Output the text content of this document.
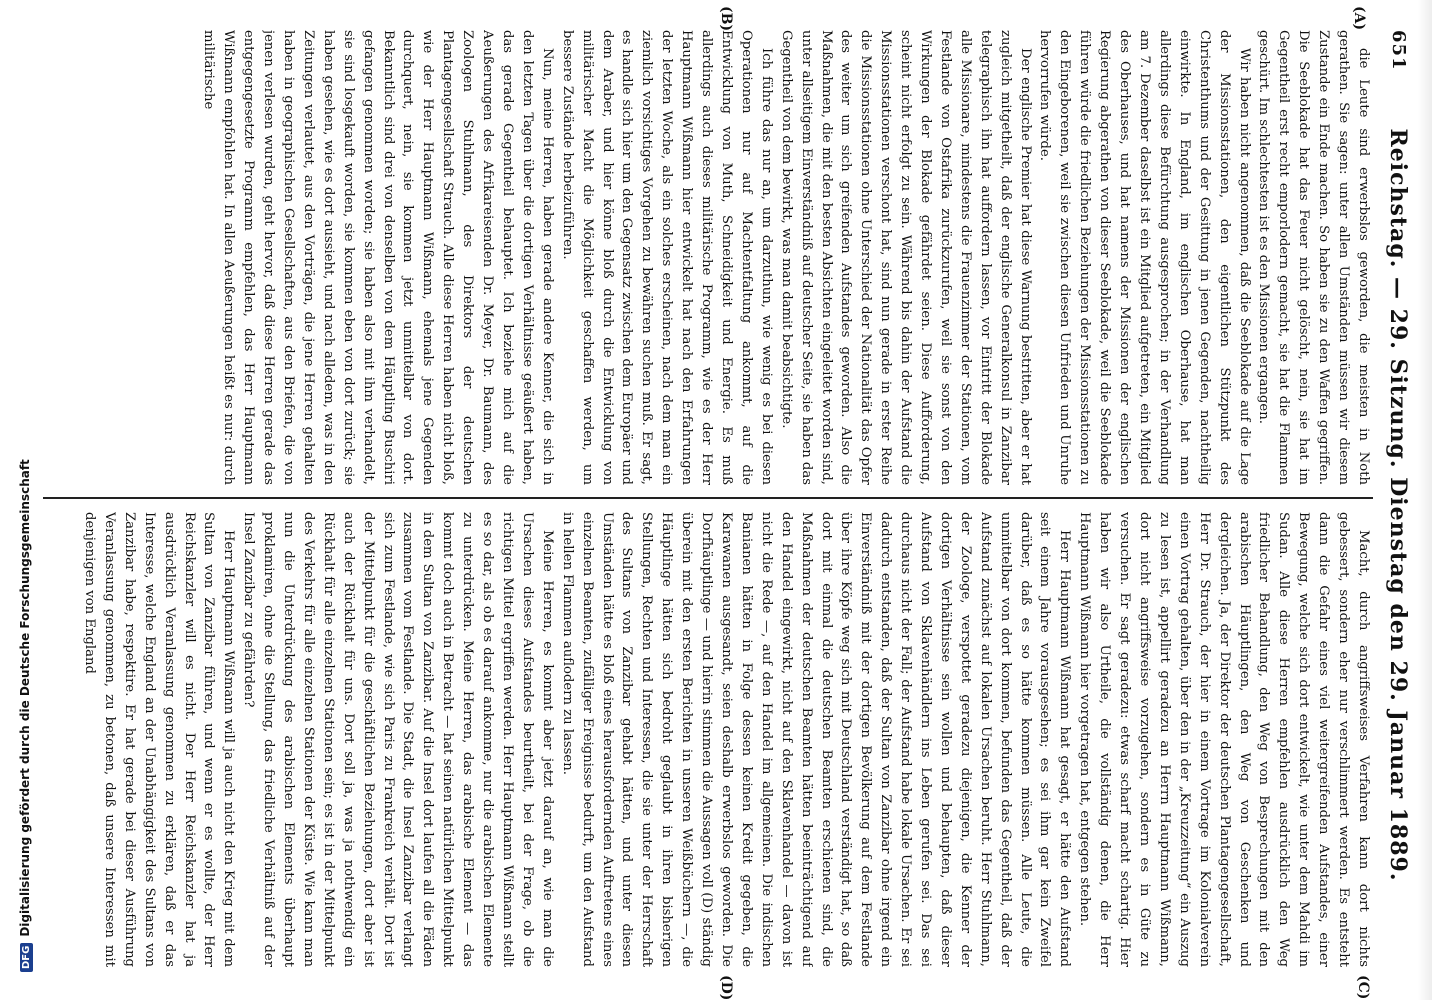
651
Reichstag. — 29. Sitzung. Dienstag den 29. Januar 1889.
(A)
(B)
(C)
(D)

die Leute sind erwerbslos geworden, die meisten in Noth gerathen. Sie sagen: unter allen Umständen müssen wir diesem Zustande ein Ende machen. So haben sie zu den Waffen gegriffen. Die Seeblokade hat das Feuer nicht gelöscht, nein, sie hat im Gegentheil erst recht emporlodern gemacht, sie hat die Flammen geschürt. Im schlechtesten ist es den Missionen ergangen.

Wir haben nicht angenommen, daß die Seeblokade auf die Lage der Missionsstationen, den eigentlichen Stützpunkt des Christenthums und der Gesittung in jenen Gegenden, nachtheilig einwirkte. In England, im englischen Oberhause, hat man allerdings diese Befürchtung ausgesprochen; in der Verhandlung am 7. Dezember daselbst ist ein Mitglied aufgetreten, ein Mitglied des Oberhauses, und hat namens der Missionen der englischen Regierung abgerathen von dieser Seeblokade, weil die Seeblokade führen würde die friedlichen Beziehungen der Missionsstationen zu den Eingeborenen, weil sie zwischen diesen Unfrieden und Unruhe hervorrufen würde.

Der englische Premier hat diese Warnung bestritten, aber er hat zugleich mitgetheilt, daß der englische Generalkonsul in Zanzibar telegraphisch ihn hat auffordern lassen, vor Eintritt der Blokade alle Missionare, mindestens die Frauenzimmer der Stationen, vom Festlande von Ostafrika zurückzurufen, weil sie sonst von den Wirkungen der Blokade gefährdet seien. Diese Aufforderung, scheint nicht erfolgt zu sein. Während bis dahin der Aufstand die Missionsstationen verschont hat, sind nun gerade in erster Reihe die Missionsstationen ohne Unterschied der Nationalität das Opfer des weiter um sich greifenden Aufstandes geworden. Also die Maßnahmen, die mit den besten Absichten eingeleitet worden sind, unter allseitigem Einverständniß auf deutscher Seite, sie haben das Gegentheil von dem bewirkt, was man damit beabsichtigte.

Ich führe das nur an, um darzuthun, wie wenig es bei diesen Operationen nur auf Machtentfaltung ankommt, auf die Entwicklung von Muth, Schneidigkeit und Energie. Es muß allerdings auch dieses militärische Programm, wie es der Herr Hauptmann Wißmann hier entwickelt hat nach den Erfahrungen der letzten Woche, als ein solches erscheinen, nach dem man ein ziemlich vorsichtiges Vorgehen zu bewähren suchen muß. Er sagt, es handle sich hier um den Gegensatz zwischen dem Europäer und dem Araber, und hier könne bloß durch die Entwicklung von militärischer Macht die Möglichkeit geschaffen werden, um bessere Zustände herbeizuführen.

Nun, meine Herren, haben gerade andere Kenner, die sich in den letzten Tagen über die dortigen Verhältnisse geäußert haben, das gerade Gegentheil behauptet. Ich beziehe mich auf die Aeußerungen des Afrikareisenden Dr. Meyer, Dr. Baumann, des Zoologen Stuhlmann, des Direktors der deutschen Plantagengesellschaft Strauch. Alle diese Herren haben nicht bloß, wie der Herr Hauptmann Wißmann, ehemals jene Gegenden durchquert, nein, sie kommen jetzt unmittelbar von dort. Bekanntlich sind drei von denselben von dem Häuptling Buschiri gefangen genommen worden; sie haben also mit ihm verhandelt, sie sind losgekauft worden, sie kommen eben von dort zurück; sie haben gesehen, wie es dort aussieht, und nach alledem, was in den Zeitungen verlautet, aus den Vorträgen, die jene Herren gehalten haben in geographischen Gesellschaften, aus den Briefen, die von jenen verlesen wurden, geht hervor, daß diese Herren gerade das entgegengesetzte Programm empfehlen, das Herr Hauptmann Wißmann empfohlen hat. In allen Aeußerungen heißt es nur: durch militärische

Macht, durch angriffsweises Verfahren kann dort nichts gebessert, sondern eher nur verschlimmert werden. Es entsteht dann die Gefahr eines viel weitergreifenden Aufstandes, einer Bewegung, welche sich dort entwickelt, wie unter dem Mahdi im Sudan. Alle diese Herren empfehlen ausdrücklich den Weg friedlicher Behandlung, den Weg von Besprechungen mit den arabischen Häuptlingen, den Weg von Geschenken und dergleichen. Ja, der Direktor der deutschen Plantagengesellschaft, Herr Dr. Strauch, der hier in einem Vortrage im Kolonialverein einen Vortrag gehalten, über den in der „Kreuzzeitung“ ein Auszug zu lesen ist, appellirt geradezu an Herrn Hauptmann Wißmann, dort nicht angriffsweise vorzugehen, sondern es in Güte zu versuchen. Er sagt geradezu: etwas scharf macht schartig. Hier haben wir also Urtheile, die vollständig denen, die Herr Hauptmann Wißmann hier vorgetragen hat, entgegen stehen.

Herr Hauptmann Wißmann hat gesagt, er hätte den Aufstand seit einem Jahre vorausgesehen; es sei ihm gar kein Zweifel darüber, daß es so hätte kommen müssen. Alle Leute, die unmittelbar von dort kommen, befunden das Gegentheil, daß der Aufstand zunächst auf lokalen Ursachen beruht. Herr Stuhlmann, der Zoologe, verspottet geradezu diejenigen, die Kenner der dortigen Verhältnisse sein wollen und behaupten, daß dieser Aufstand von Sklavenhändlern ins Leben gerufen sei. Das sei durchaus nicht der Fall; der Aufstand habe lokale Ursachen. Er sei dadurch entstanden, daß der Sultan von Zanzibar ohne irgend ein Einverständniß mit der dortigen Bevölkerung auf dem Festlande über ihre Köpfe weg sich mit Deutschland verständigt hat, so daß dort mit einmal die deutschen Beamten erschienen sind, die Maßnahmen der deutschen Beamten hätten beeinträchtigend auf den Handel eingewirkt, nicht auf den Sklavenhandel — davon ist nicht die Rede —, auf den Handel im allgemeinen. Die indischen Banianen hätten in Folge dessen keinen Kredit gegeben, die Karawanen ausgesandt, seien deshalb erwerbslos geworden. Die Dorfhäuptlinge — und hierin stimmen die Aussagen voll (D) ständig überein mit den ersten Berichten in unseren Weißbüchern —, die Häuptlinge hätten sich bedroht geglaubt in ihren bisherigen Stellungen, Rechten und Interessen, die sie unter der Herrschaft des Sultans von Zanzibar gehabt hätten, und unter diesen Umständen hätte es bloß eines herausfordernden Auftretens eines einzelnen Beamten, zufälliger Ereignisse bedurft, um den Aufstand in hellen Flammen auflodern zu lassen.

Meine Herren, es kommt aber jetzt darauf an, wie man die Ursachen dieses Aufstandes beurtheilt, bei der Frage, ob die richtigen Mittel ergriffen werden. Herr Hauptmann Wißmann stellt es so dar, als ob es darauf ankomme, nur die arabischen Elemente zu unterdrücken. Meine Herren, das arabische Element — das kommt doch auch in Betracht — hat seinen natürlichen Mittelpunkt in dem Sultan von Zanzibar. Auf die Insel dort laufen all die Fäden zusammen vom Festlande. Die Stadt, die Insel Zanzibar verlangt sich zum Festlande, wie sich Paris zu Frankreich verhält. Dort ist der Mittelpunkt für die geschäftlichen Beziehungen, dort aber ist auch der Rückhalt für uns. Dort soll ja, was ja nothwendig ein Rückhalt für alle einzelnen Stationen sein; es ist in der Mittelpunkt des Verkehrs für alle einzelnen Stationen der Küste. Wie kann man nun die Unterdrückung des arabischen Elements überhaupt proklamiren, ohne die Stellung, das friedliche Verhältniß auf der Insel Zanzibar zu gefährden?

Herr Hauptmann Wißmann will ja auch nicht den Krieg mit dem Sultan von Zanzibar führen, und wenn er es wollte, der Herr Reichskanzler will es nicht. Der Herr Reichskanzler hat ja ausdrücklich Veranlassung genommen zu erklären, daß er das Interesse, welche England an der Unabhängigkeit des Sultans von Zanzibar habe, respektire. Er hat gerade bei dieser Ausführung Veranlassung genommen, zu betonen, daß unsere Interessen mit denjenigen von England

DFGDigitalisierung gefördert durch die Deutsche Forschungsgemeinschaft
